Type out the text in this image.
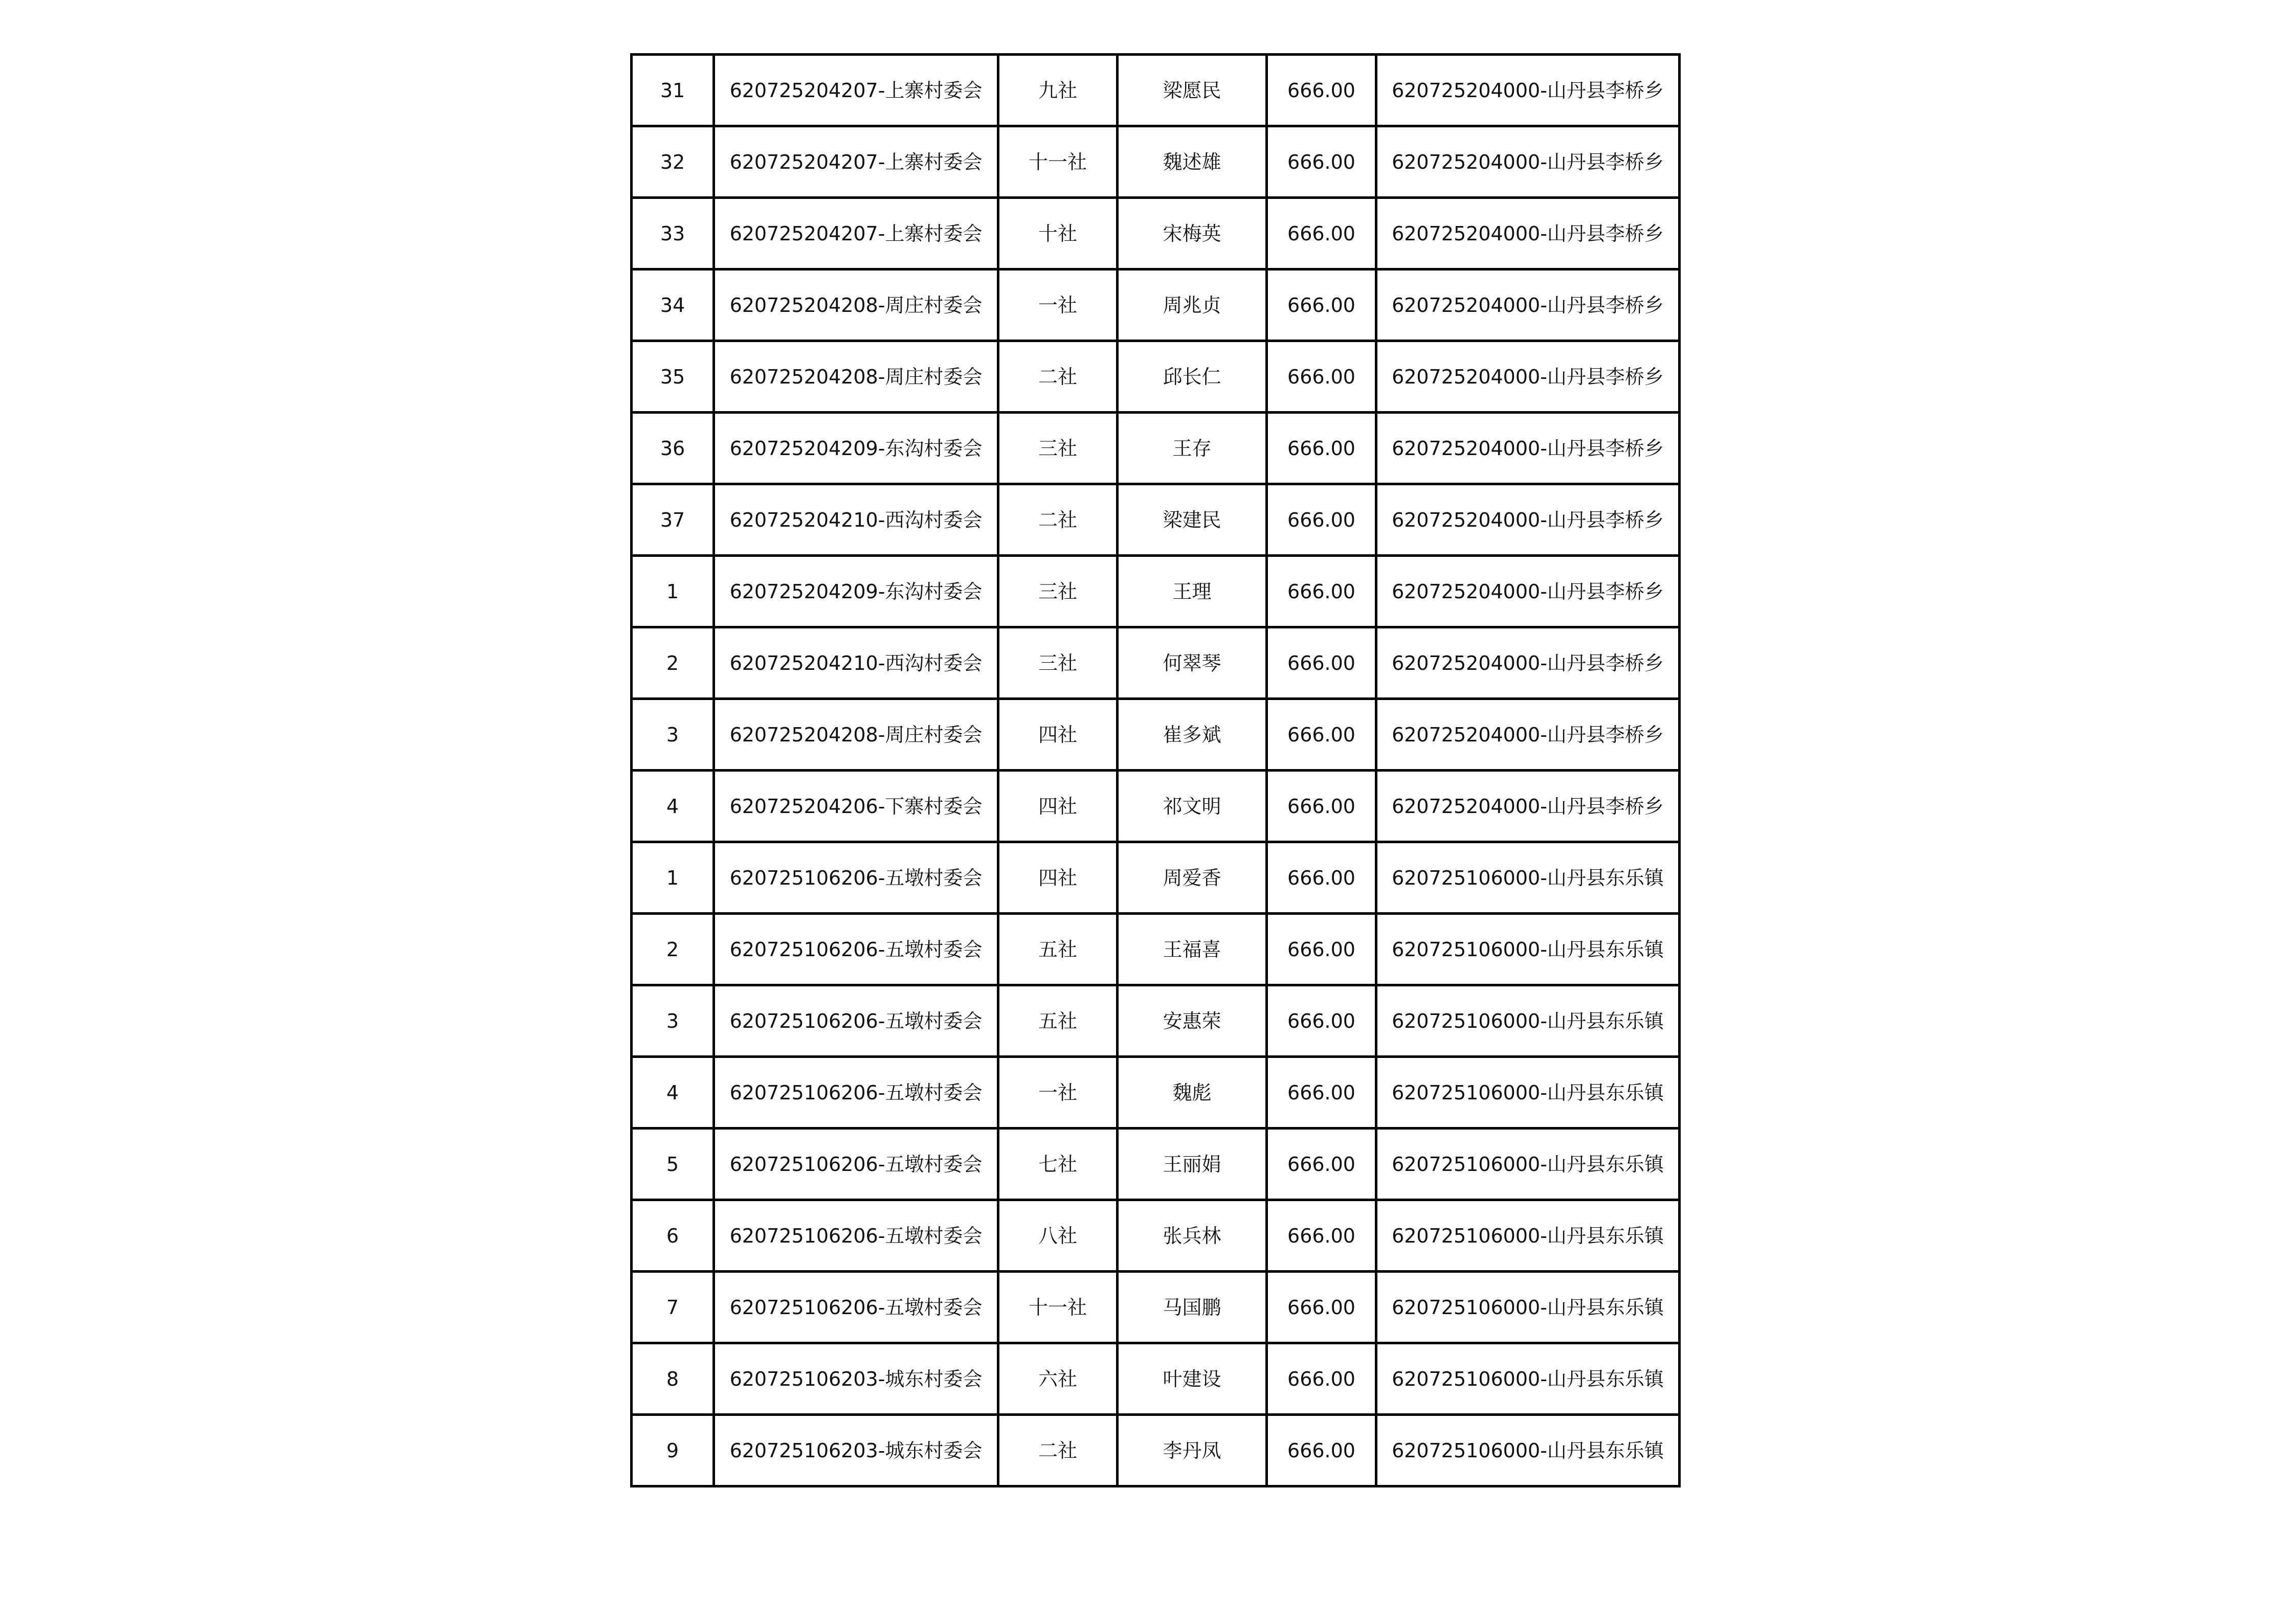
31	620725204207-上寨村委会	九社	梁愿民	666.00	620725204000-山丹县李桥乡
32	620725204207-上寨村委会	十一社	魏述雄	666.00	620725204000-山丹县李桥乡
33	620725204207-上寨村委会	十社	宋梅英	666.00	620725204000-山丹县李桥乡
34	620725204208-周庄村委会	一社	周兆贞	666.00	620725204000-山丹县李桥乡
35	620725204208-周庄村委会	二社	邱长仁	666.00	620725204000-山丹县李桥乡
36	620725204209-东沟村委会	三社	王存	666.00	620725204000-山丹县李桥乡
37	620725204210-西沟村委会	二社	梁建民	666.00	620725204000-山丹县李桥乡
1	620725204209-东沟村委会	三社	王理	666.00	620725204000-山丹县李桥乡
2	620725204210-西沟村委会	三社	何翠琴	666.00	620725204000-山丹县李桥乡
3	620725204208-周庄村委会	四社	崔多斌	666.00	620725204000-山丹县李桥乡
4	620725204206-下寨村委会	四社	祁文明	666.00	620725204000-山丹县李桥乡
1	620725106206-五墩村委会	四社	周爱香	666.00	620725106000-山丹县东乐镇
2	620725106206-五墩村委会	五社	王福喜	666.00	620725106000-山丹县东乐镇
3	620725106206-五墩村委会	五社	安惠荣	666.00	620725106000-山丹县东乐镇
4	620725106206-五墩村委会	一社	魏彪	666.00	620725106000-山丹县东乐镇
5	620725106206-五墩村委会	七社	王丽娟	666.00	620725106000-山丹县东乐镇
6	620725106206-五墩村委会	八社	张兵林	666.00	620725106000-山丹县东乐镇
7	620725106206-五墩村委会	十一社	马国鹏	666.00	620725106000-山丹县东乐镇
8	620725106203-城东村委会	六社	叶建设	666.00	620725106000-山丹县东乐镇
9	620725106203-城东村委会	二社	李丹凤	666.00	620725106000-山丹县东乐镇
